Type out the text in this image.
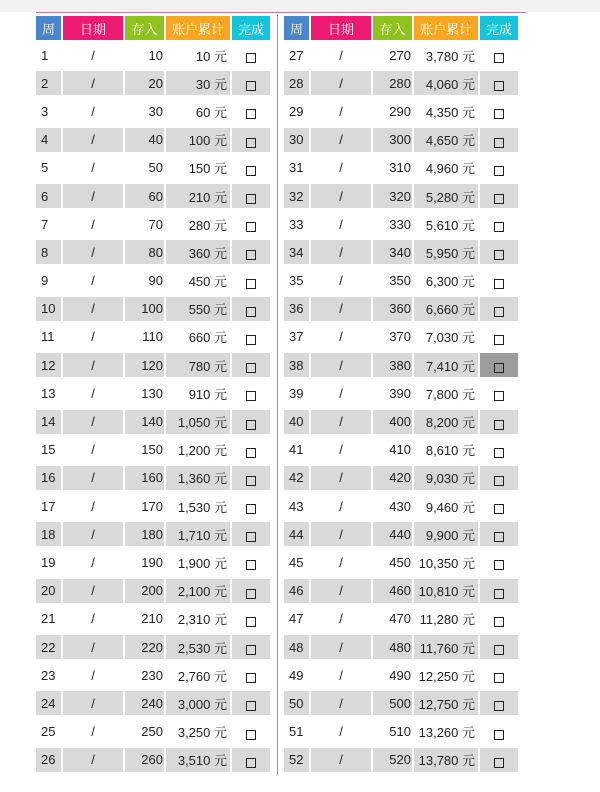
周	日期	存入	账户累计	完成
1	/	10	10 元
2	/	20	30 元
3	/	30	60 元
4	/	40	100 元
5	/	50	150 元
6	/	60	210 元
7	/	70	280 元
8	/	80	360 元
9	/	90	450 元
10	/	100	550 元
11	/	110	660 元
12	/	120	780 元
13	/	130	910 元
14	/	140	1,050 元
15	/	150	1,200 元
16	/	160	1,360 元
17	/	170	1,530 元
18	/	180	1,710 元
19	/	190	1,900 元
20	/	200	2,100 元
21	/	210	2,310 元
22	/	220	2,530 元
23	/	230	2,760 元
24	/	240	3,000 元
25	/	250	3,250 元
26	/	260	3,510 元
周	日期	存入	账户累计	完成
27	/	270	3,780 元
28	/	280	4,060 元
29	/	290	4,350 元
30	/	300	4,650 元
31	/	310	4,960 元
32	/	320	5,280 元
33	/	330	5,610 元
34	/	340	5,950 元
35	/	350	6,300 元
36	/	360	6,660 元
37	/	370	7,030 元
38	/	380	7,410 元
39	/	390	7,800 元
40	/	400	8,200 元
41	/	410	8,610 元
42	/	420	9,030 元
43	/	430	9,460 元
44	/	440	9,900 元
45	/	450 10,350 元
46	/	460 10,810 元
47	/	470 11,280 元
48	/	480 11,760 元
49	/	490 12,250 元
50	/	500 12,750 元
51	/	510 13,260 元
52	/	520 13,780 元
